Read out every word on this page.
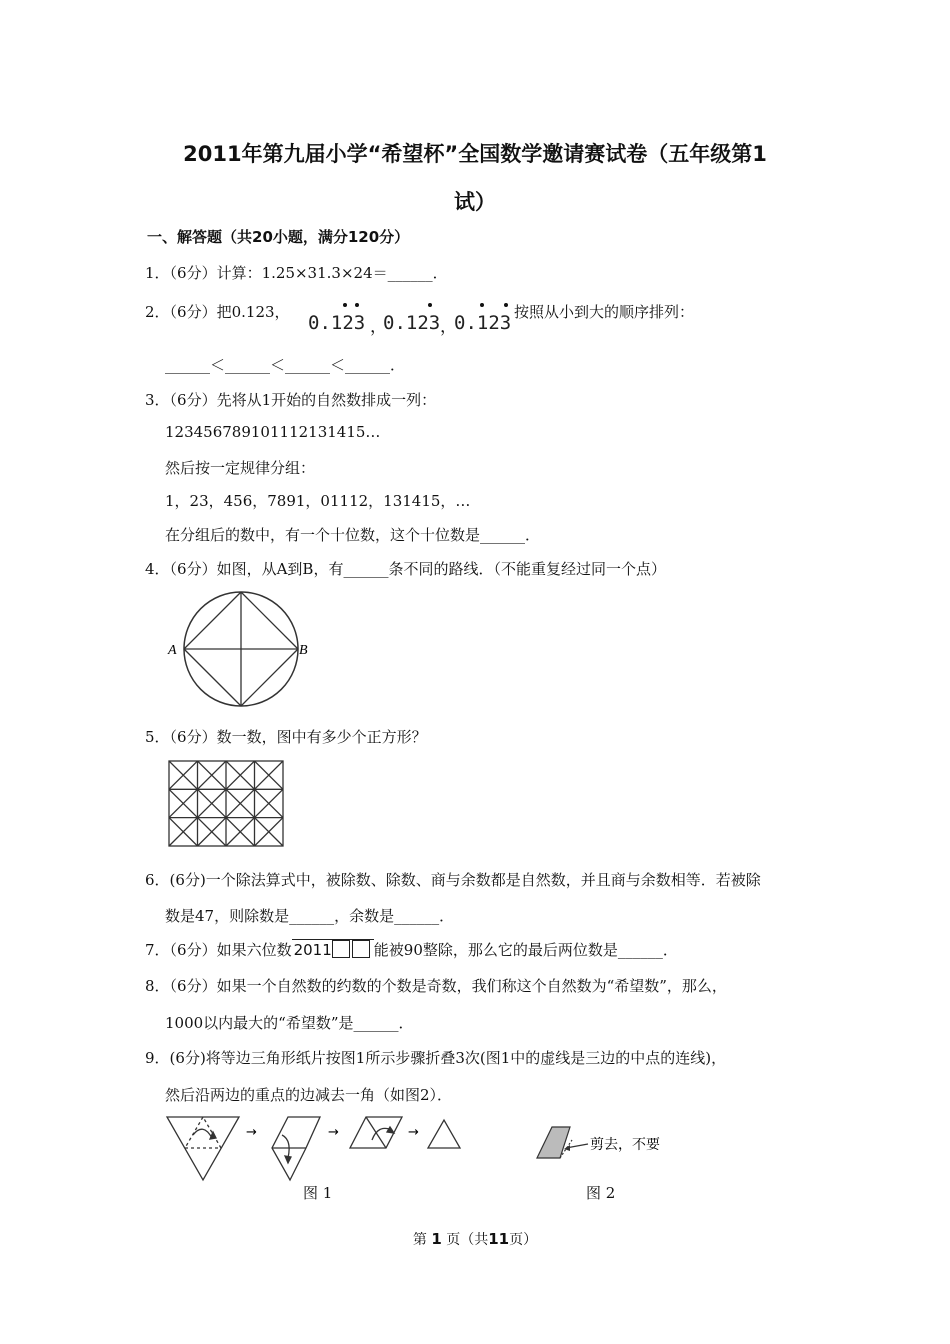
2011年第九届小学“希望杯”全国数学邀请赛试卷（五年级第1
试）
一、解答题（共20小题，满分120分）
1．（6分）计算：1.25×31.3×24＝______．
2．（6分）把0.123， 0.123 ，
0.123 ，
0.123 按照从小到大的顺序排列：
______＜______＜______＜______．
3．（6分）先将从1开始的自然数排成一列：
123456789101112131415…
然后按一定规律分组：
1，23，456，7891，01112，131415，…
在分组后的数中，有一个十位数，这个十位数是______．
4．（6分）如图，从A到B，有______条不同的路线．（不能重复经过同一个点）
A	B
5．（6分）数一数，图中有多少个正方形？
6．(6分)一个除法算式中，被除数、除数、商与余数都是自然数，并且商与余数相等．若被除
数是47，则除数是______，余数是______．
7．（6分）如果六位数 2011	能被90整除，那么它的最后两位数是______．
8．（6分）如果一个自然数的约数的个数是奇数，我们称这个自然数为“希望数”，那么，
1000以内最大的“希望数”是______．
9．(6分)将等边三角形纸片按图1所示步骤折叠3次(图1中的虚线是三边的中点的连线)，
然后沿两边的重点的边减去一角（如图2）．
→	→	→
图 1
剪去，不要
图 2
第 1 页（共11页）
